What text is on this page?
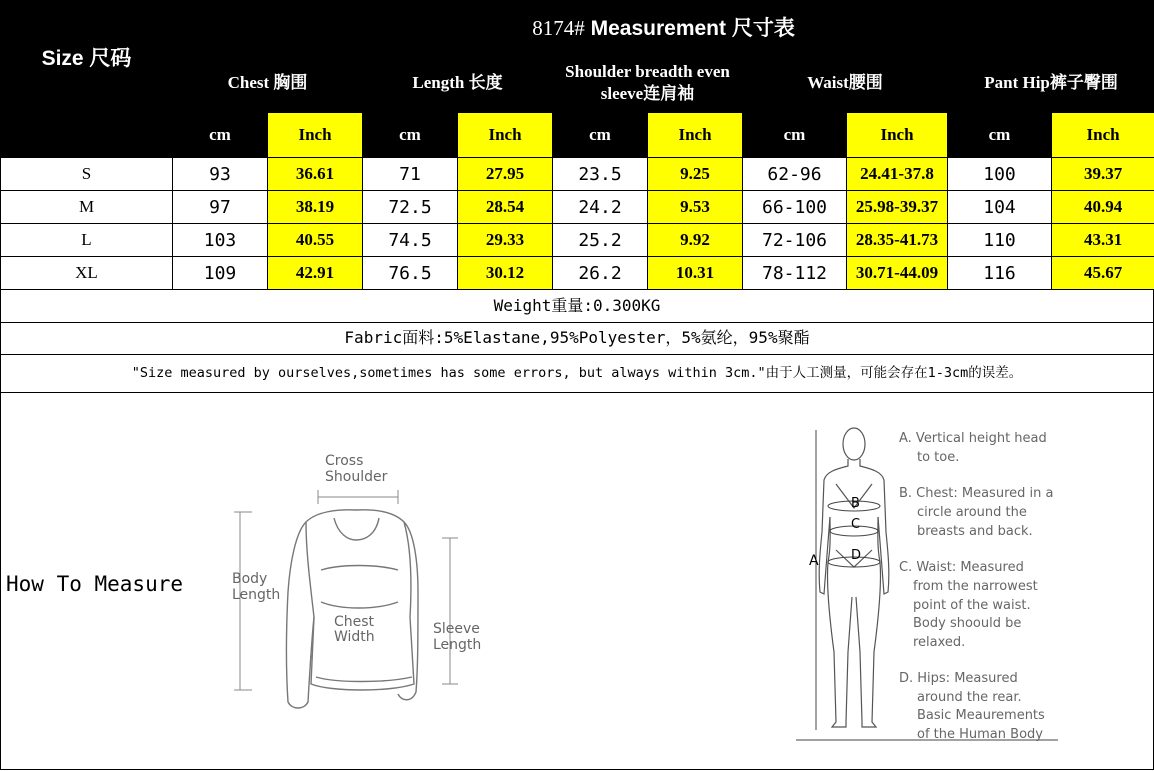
Size 尺码	8174# Measurement 尺寸表									
	Chest 胸围		Length 长度		Shoulder breadth even
sleeve连肩袖		Waist腰围		Pant Hip裤子臀围	
	cm	Inch	cm	Inch	cm	Inch	cm	Inch	cm	Inch
S	93	36.61	71	27.95	23.5	9.25	62-96	24.41-37.8	100	39.37
M	97	38.19	72.5	28.54	24.2	9.53	66-100	25.98-39.37	104	40.94
L	103	40.55	74.5	29.33	25.2	9.92	72-106	28.35-41.73	110	43.31
XL	109	42.91	76.5	30.12	26.2	10.31	78-112	30.71-44.09	116	45.67
Weight重量:0.300KG
Fabric面料:5%Elastane,95%Polyester，5%氨纶，95%聚酯
"Size measured by ourselves,sometimes has some errors, but always within 3cm."由于人工测量，可能会存在1-3cm的误差。
How To Measure
Cross
Shoulder
Body
Length
Chest
Width	Sleeve
Length
A
B
C
D
A. Vertical height head
to toe.
B. Chest: Measured in a
circle around the
breasts and back.
C. Waist: Measured
from the narrowest
point of the waist.
Body shoould be
relaxed.
D. Hips: Measured
around the rear.
Basic Meaurements
of the Human Body
